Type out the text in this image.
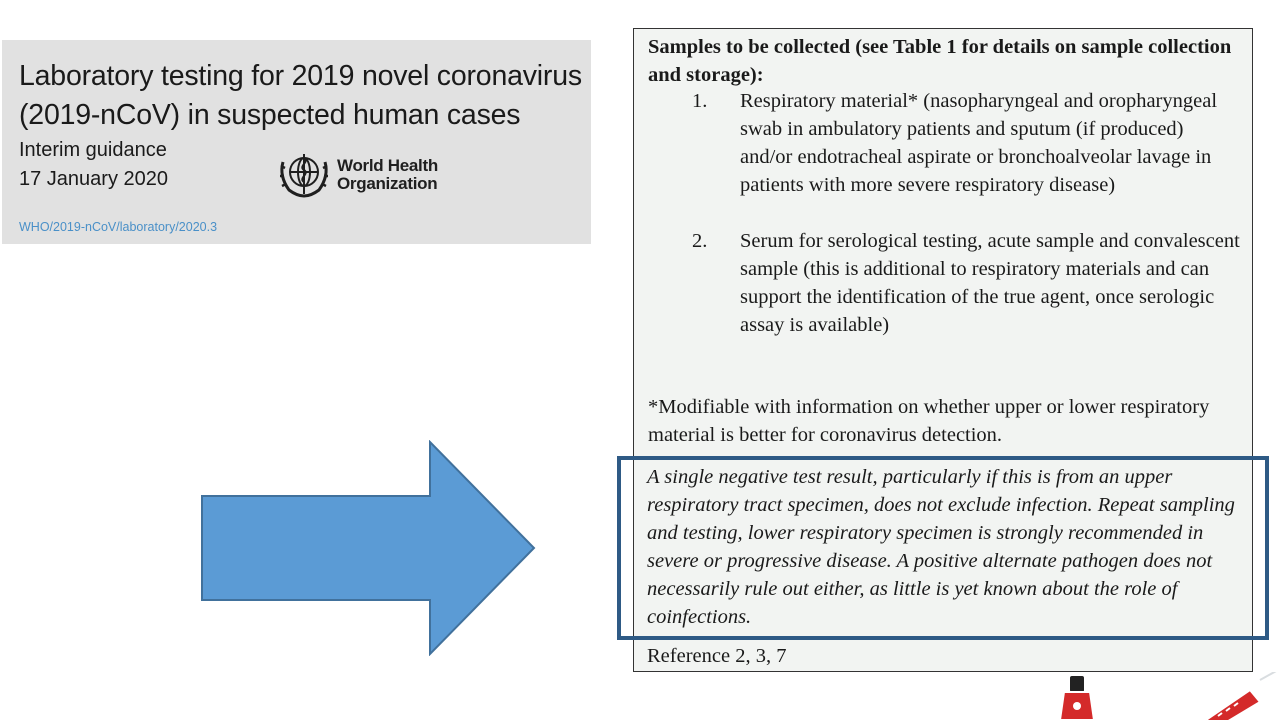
Laboratory testing for 2019 novel coronavirus (2019-nCoV) in suspected human cases
Interim guidance
17 January 2020
World Health
Organization
WHO/2019-nCoV/laboratory/2020.3
Samples to be collected (see Table 1 for details on sample collection and storage):
1. Respiratory material* (nasopharyngeal and oropharyngeal swab in ambulatory patients and sputum (if produced) and/or endotracheal aspirate or bronchoalveolar lavage in patients with more severe respiratory disease)
2. Serum for serological testing, acute sample and convalescent sample (this is additional to respiratory materials and can support the identification of the true agent, once serologic assay is available)
*Modifiable with information on whether upper or lower respiratory material is better for coronavirus detection.
A single negative test result, particularly if this is from an upper respiratory tract specimen, does not exclude infection. Repeat sampling and testing, lower respiratory specimen is strongly recommended in severe or progressive disease. A positive alternate pathogen does not necessarily rule out either, as little is yet known about the role of coinfections.
Reference 2, 3, 7
